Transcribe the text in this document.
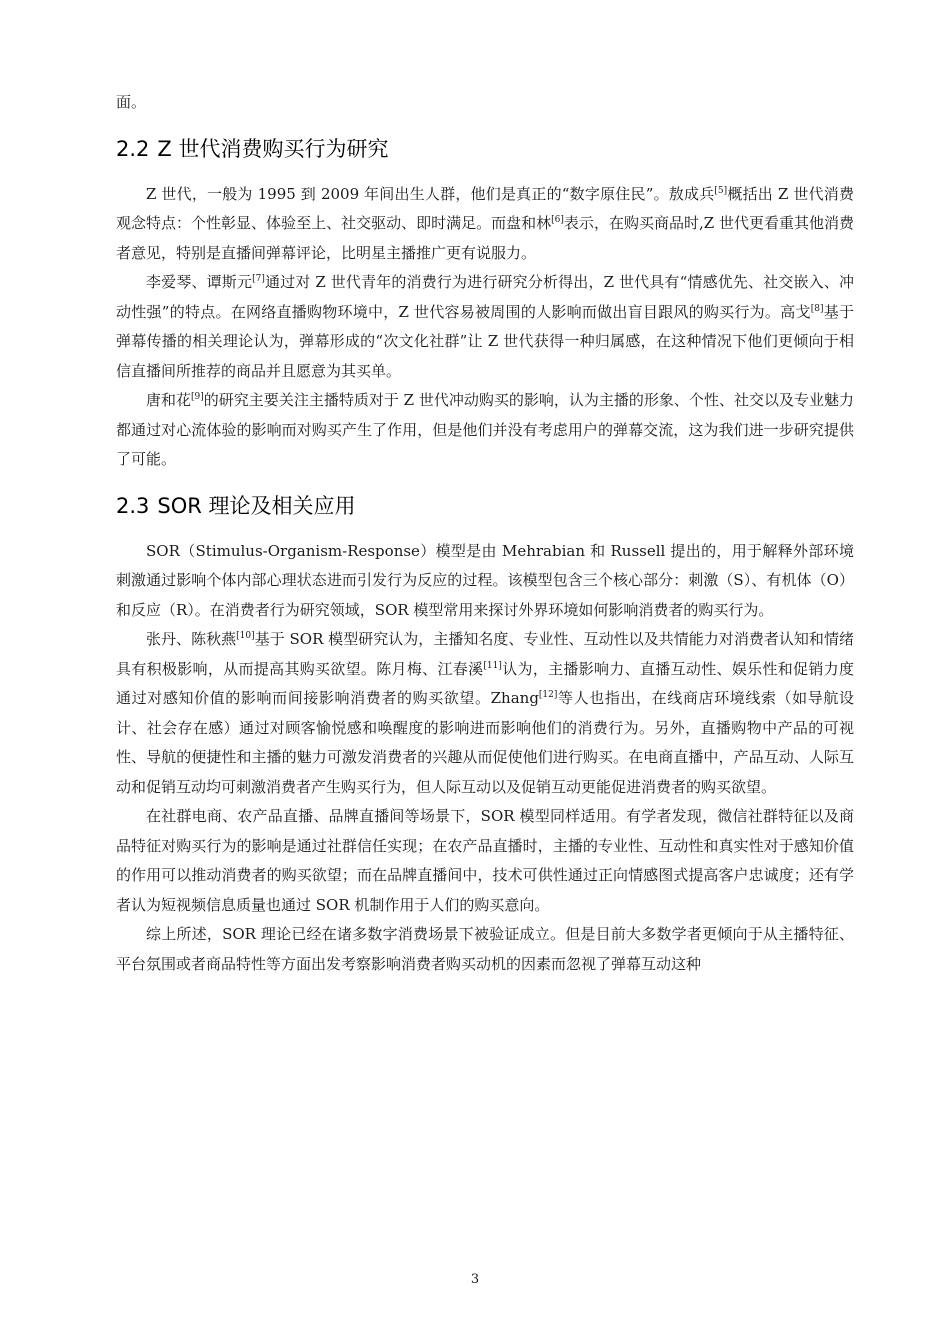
面。

2.2 Z 世代消费购买行为研究

Z 世代，一般为 1995 到 2009 年间出生人群，他们是真正的“数字原住民”。敖成兵[5]概括出 Z 世代消费观念特点：个性彰显、体验至上、社交驱动、即时满足。而盘和林[6]表示，在购买商品时,Z 世代更看重其他消费者意见，特别是直播间弹幕评论，比明星主播推广更有说服力。

李爱琴、谭斯元[7]通过对 Z 世代青年的消费行为进行研究分析得出，Z 世代具有“情感优先、社交嵌入、冲动性强”的特点。在网络直播购物环境中，Z 世代容易被周围的人影响而做出盲目跟风的购买行为。高戈[8]基于弹幕传播的相关理论认为，弹幕形成的“次文化社群”让 Z 世代获得一种归属感，在这种情况下他们更倾向于相信直播间所推荐的商品并且愿意为其买单。

唐和花[9]的研究主要关注主播特质对于 Z 世代冲动购买的影响，认为主播的形象、个性、社交以及专业魅力都通过对心流体验的影响而对购买产生了作用，但是他们并没有考虑用户的弹幕交流，这为我们进一步研究提供了可能。

2.3 SOR 理论及相关应用

SOR（Stimulus-Organism-Response）模型是由 Mehrabian 和 Russell 提出的，用于解释外部环境刺激通过影响个体内部心理状态进而引发行为反应的过程。该模型包含三个核心部分：刺激（S）、有机体（O）和反应（R）。在消费者行为研究领域，SOR 模型常用来探讨外界环境如何影响消费者的购买行为。

张丹、陈秋燕[10]基于 SOR 模型研究认为，主播知名度、专业性、互动性以及共情能力对消费者认知和情绪具有积极影响，从而提高其购买欲望。陈月梅、江春溪[11]认为，主播影响力、直播互动性、娱乐性和促销力度通过对感知价值的影响而间接影响消费者的购买欲望。Zhang[12]等人也指出，在线商店环境线索（如导航设计、社会存在感）通过对顾客愉悦感和唤醒度的影响进而影响他们的消费行为。另外，直播购物中产品的可视性、导航的便捷性和主播的魅力可激发消费者的兴趣从而促使他们进行购买。在电商直播中，产品互动、人际互动和促销互动均可刺激消费者产生购买行为，但人际互动以及促销互动更能促进消费者的购买欲望。

在社群电商、农产品直播、品牌直播间等场景下，SOR 模型同样适用。有学者发现，微信社群特征以及商品特征对购买行为的影响是通过社群信任实现；在农产品直播时，主播的专业性、互动性和真实性对于感知价值的作用可以推动消费者的购买欲望；而在品牌直播间中，技术可供性通过正向情感图式提高客户忠诚度；还有学者认为短视频信息质量也通过 SOR 机制作用于人们的购买意向。

综上所述，SOR 理论已经在诸多数字消费场景下被验证成立。但是目前大多数学者更倾向于从主播特征、平台氛围或者商品特性等方面出发考察影响消费者购买动机的因素而忽视了弹幕互动这种

3
